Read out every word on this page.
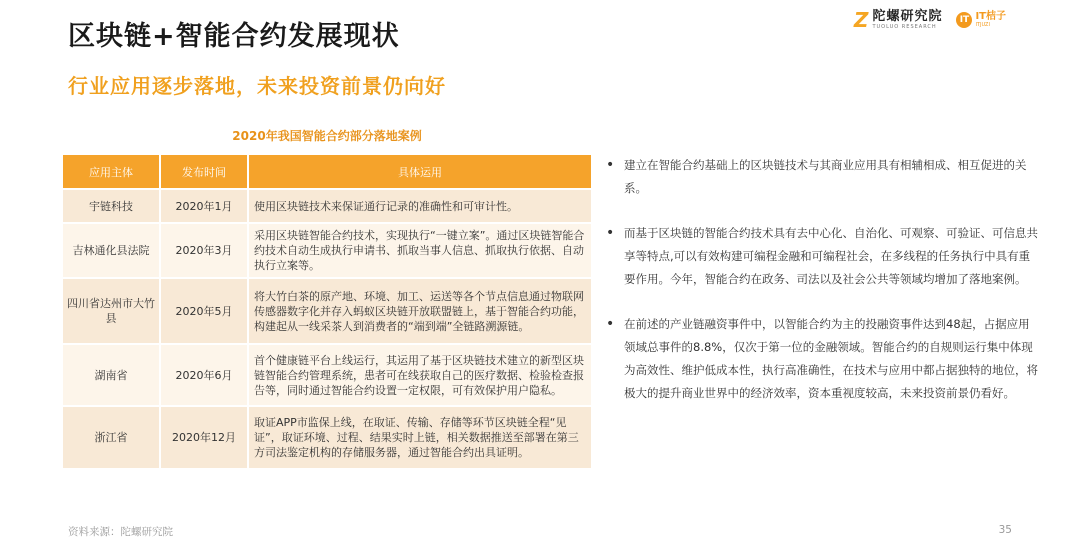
区块链+智能合约发展现状
行业应用逐步落地，未来投资前景仍向好
Z 陀螺研究院
TUOLUO RESEARCH
IT IT桔子
ITJUZI
2020年我国智能合约部分落地案例
应用主体	发布时间	具体运用
宇链科技	2020年1月	使用区块链技术来保证通行记录的准确性和可审计性。
吉林通化县法院	2020年3月	采用区块链智能合约技术，实现执行“一键立案”。通过区块链智能合约技术自动生成执行申请书、抓取当事人信息、抓取执行依据、自动执行立案等。
四川省达州市大竹县	2020年5月	将大竹白茶的原产地、环境、加工、运送等各个节点信息通过物联网传感器数字化并存入蚂蚁区块链开放联盟链上，基于智能合约功能，构建起从一线采茶人到消费者的“端到端”全链路溯源链。
湖南省	2020年6月	首个健康链平台上线运行，其运用了基于区块链技术建立的新型区块链智能合约管理系统，患者可在线获取自己的医疗数据、检验检查报告等，同时通过智能合约设置一定权限，可有效保护用户隐私。
浙江省	2020年12月	取证APP市监保上线，在取证、传输、存储等环节区块链全程“见证”，取证环境、过程、结果实时上链，相关数据推送至部署在第三方司法鉴定机构的存储服务器，通过智能合约出具证明。
• 建立在智能合约基础上的区块链技术与其商业应用具有相辅相成、相互促进的关系。
• 而基于区块链的智能合约技术具有去中心化、自治化、可观察、可验证、可信息共享等特点,可以有效构建可编程金融和可编程社会，在多线程的任务执行中具有重要作用。今年，智能合约在政务、司法以及社会公共等领域均增加了落地案例。
• 在前述的产业链融资事件中，以智能合约为主的投融资事件达到48起，占据应用领域总事件的8.8%，仅次于第一位的金融领域。智能合约的自规则运行集中体现为高效性、维护低成本性，执行高准确性，在技术与应用中都占据独特的地位，将极大的提升商业世界中的经济效率，资本重视度较高，未来投资前景仍看好。
资料来源：陀螺研究院	35
